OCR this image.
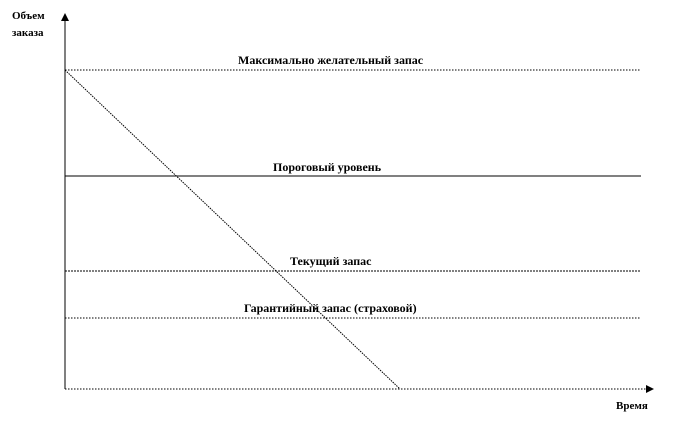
Объем
заказа
Время
Максимально желательный запас
Пороговый уровень
Текущий запас
Гарантийный запас (страховой)
